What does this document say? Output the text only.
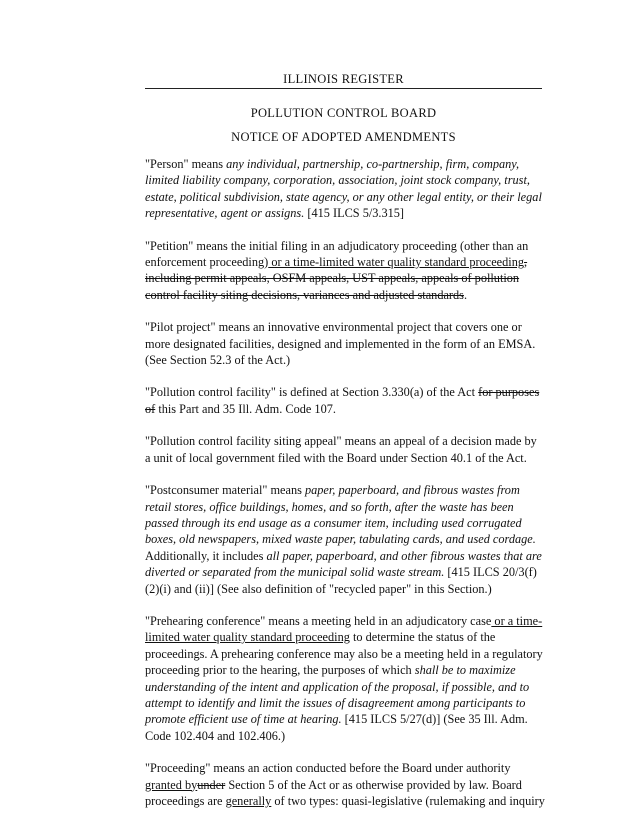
ILLINOIS REGISTER
POLLUTION CONTROL BOARD
NOTICE OF ADOPTED AMENDMENTS

"Person" means any individual, partnership, co-partnership, firm, company, limited liability company, corporation, association, joint stock company, trust, estate, political subdivision, state agency, or any other legal entity, or their legal representative, agent or assigns. [415 ILCS 5/3.315]

"Petition" means the initial filing in an adjudicatory proceeding (other than an enforcement proceeding) or a time-limited water quality standard proceeding, including permit appeals, OSFM appeals, UST appeals, appeals of pollution control facility siting decisions, variances and adjusted standards.

"Pilot project" means an innovative environmental project that covers one or more designated facilities, designed and implemented in the form of an EMSA. (See Section 52.3 of the Act.)

"Pollution control facility" is defined at Section 3.330(a) of the Act for purposes of this Part and 35 Ill. Adm. Code 107.

"Pollution control facility siting appeal" means an appeal of a decision made by a unit of local government filed with the Board under Section 40.1 of the Act.

"Postconsumer material" means paper, paperboard, and fibrous wastes from retail stores, office buildings, homes, and so forth, after the waste has been passed through its end usage as a consumer item, including used corrugated boxes, old newspapers, mixed waste paper, tabulating cards, and used cordage. Additionally, it includes all paper, paperboard, and other fibrous wastes that are diverted or separated from the municipal solid waste stream. [415 ILCS 20/3(f)(2)(i) and (ii)] (See also definition of "recycled paper" in this Section.)

"Prehearing conference" means a meeting held in an adjudicatory case or a time-limited water quality standard proceeding to determine the status of the proceedings. A prehearing conference may also be a meeting held in a regulatory proceeding prior to the hearing, the purposes of which shall be to maximize understanding of the intent and application of the proposal, if possible, and to attempt to identify and limit the issues of disagreement among participants to promote efficient use of time at hearing. [415 ILCS 5/27(d)] (See 35 Ill. Adm. Code 102.404 and 102.406.)

"Proceeding" means an action conducted before the Board under authority granted byunder Section 5 of the Act or as otherwise provided by law. Board proceedings are generally of two types: quasi-legislative (rulemaking and inquiry
